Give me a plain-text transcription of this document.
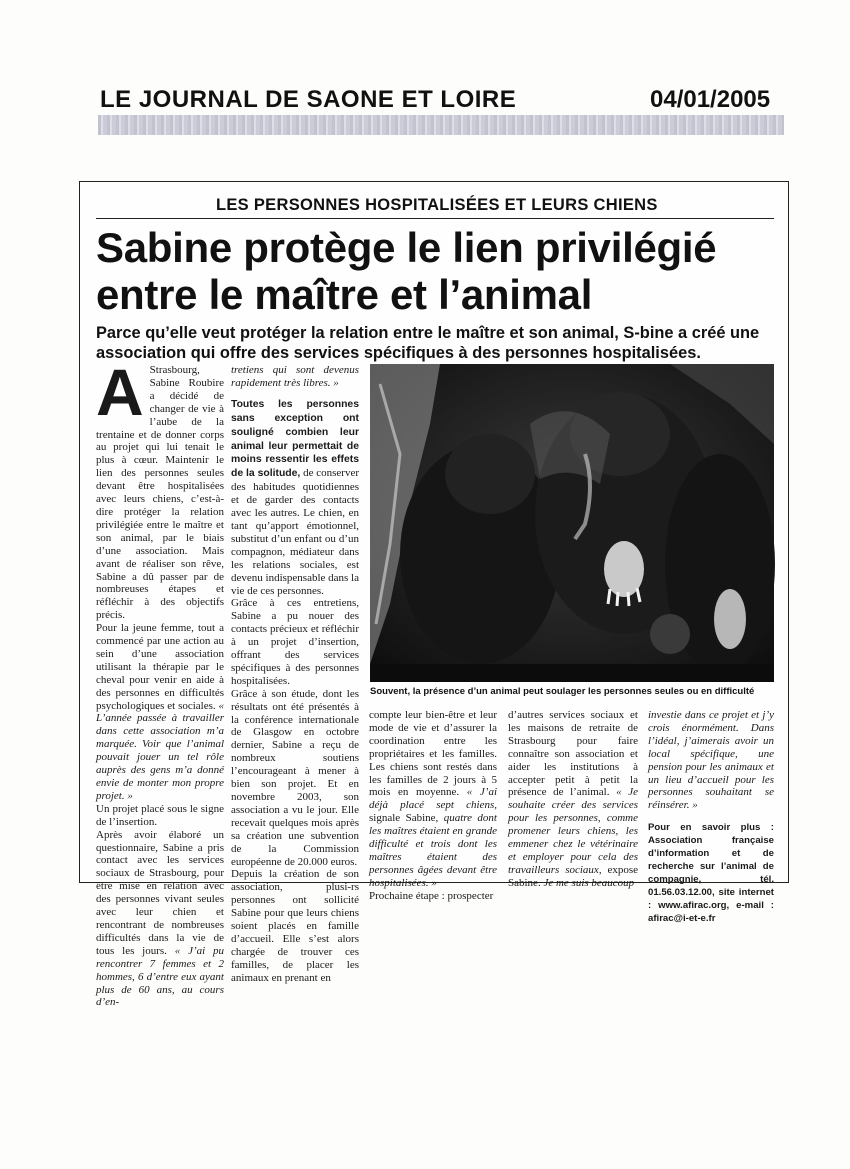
LE JOURNAL DE SAONE ET LOIRE	04/01/2005
LES PERSONNES HOSPITALISÉES ET LEURS CHIENS
Sabine protège le lien privilégié
entre le maître et l’animal
Parce qu’elle veut protéger la relation entre le maître et son animal, S-bine a créé une association qui offre des services spécifiques à des personnes hospitalisées.
A Strasbourg, Sabine Roubire a décidé de changer de vie à l’aube de la trentaine et de donner corps au projet qui lui tenait le plus à cœur. Maintenir le lien des personnes seules devant être hospitalisées avec leurs chiens, c’est-à-dire protéger la relation privilégiée entre le maître et son animal, par le biais d’une association. Mais avant de réaliser son rêve, Sabine a dû passer par de nombreuses étapes et réfléchir à des objectifs précis.

Pour la jeune femme, tout a commencé par une action au sein d’une association utilisant la thérapie par le cheval pour venir en aide à des personnes en difficultés psychologiques et sociales. « L’année passée à travailler dans cette association m’a marquée. Voir que l’animal pouvait jouer un tel rôle auprès des gens m’a donné envie de monter mon propre projet. »

Un projet placé sous le signe de l’insertion.

Après avoir élaboré un questionnaire, Sabine a pris contact avec les services sociaux de Strasbourg, pour être mise en relation avec des personnes vivant seules avec leur chien et rencontrant de nombreuses difficultés dans la vie de tous les jours. « J’ai pu rencontrer 7 femmes et 2 hommes, 6 d’entre eux ayant plus de 60 ans, au cours d’en-

tretiens qui sont devenus rapidement très libres. »

Toutes les personnes sans exception ont souligné combien leur animal leur permettait de moins ressentir les effets de la solitude, de conserver des habitudes quotidiennes et de garder des contacts avec les autres. Le chien, en tant qu’apport émotionnel, substitut d’un enfant ou d’un compagnon, médiateur dans les relations sociales, est devenu indispensable dans la vie de ces personnes.

Grâce à ces entretiens, Sabine a pu nouer des contacts précieux et réfléchir à un projet d’insertion, offrant des services spécifiques à des personnes hospitalisées.

Grâce à son étude, dont les résultats ont été présentés à la conférence internationale de Glasgow en octobre dernier, Sabine a reçu de nombreux soutiens l’encourageant à mener à bien son projet. Et en novembre 2003, son association a vu le jour. Elle recevait quelques mois après sa création une subvention de la Commission européenne de 20.000 euros.

Depuis la création de son association, plusi-rs personnes ont sollicité Sabine pour que leurs chiens soient placés en famille d’accueil. Elle s’est alors chargée de trouver ces familles, de placer les animaux en prenant en

Souvent, la présence d’un animal peut soulager les personnes seules ou en difficulté

compte leur bien-être et leur mode de vie et d’assurer la coordination entre les propriétaires et les familles. Les chiens sont restés dans les familles de 2 jours à 5 mois en moyenne. « J’ai déjà placé sept chiens, signale Sabine, quatre dont les maîtres étaient en grande difficulté et trois dont les maîtres étaient des personnes âgées devant être hospitalisées. »

Prochaine étape : prospecter

d’autres services sociaux et les maisons de retraite de Strasbourg pour faire connaître son association et aider les institutions à accepter petit à petit la présence de l’animal. « Je souhaite créer des services pour les personnes, comme promener leurs chiens, les emmener chez le vétérinaire et employer pour cela des travailleurs sociaux, expose Sabine. Je me suis beaucoup

investie dans ce projet et j’y crois énormément. Dans l’idéal, j’aimerais avoir un local spécifique, une pension pour les animaux et un lieu d’accueil pour les personnes souhaitant se réinsérer. »

Pour en savoir plus : Association française d’information et de recherche sur l’animal de compagnie, tél. 01.56.03.12.00, site internet : www.afirac.org, e-mail : afirac@i-et-e.fr
